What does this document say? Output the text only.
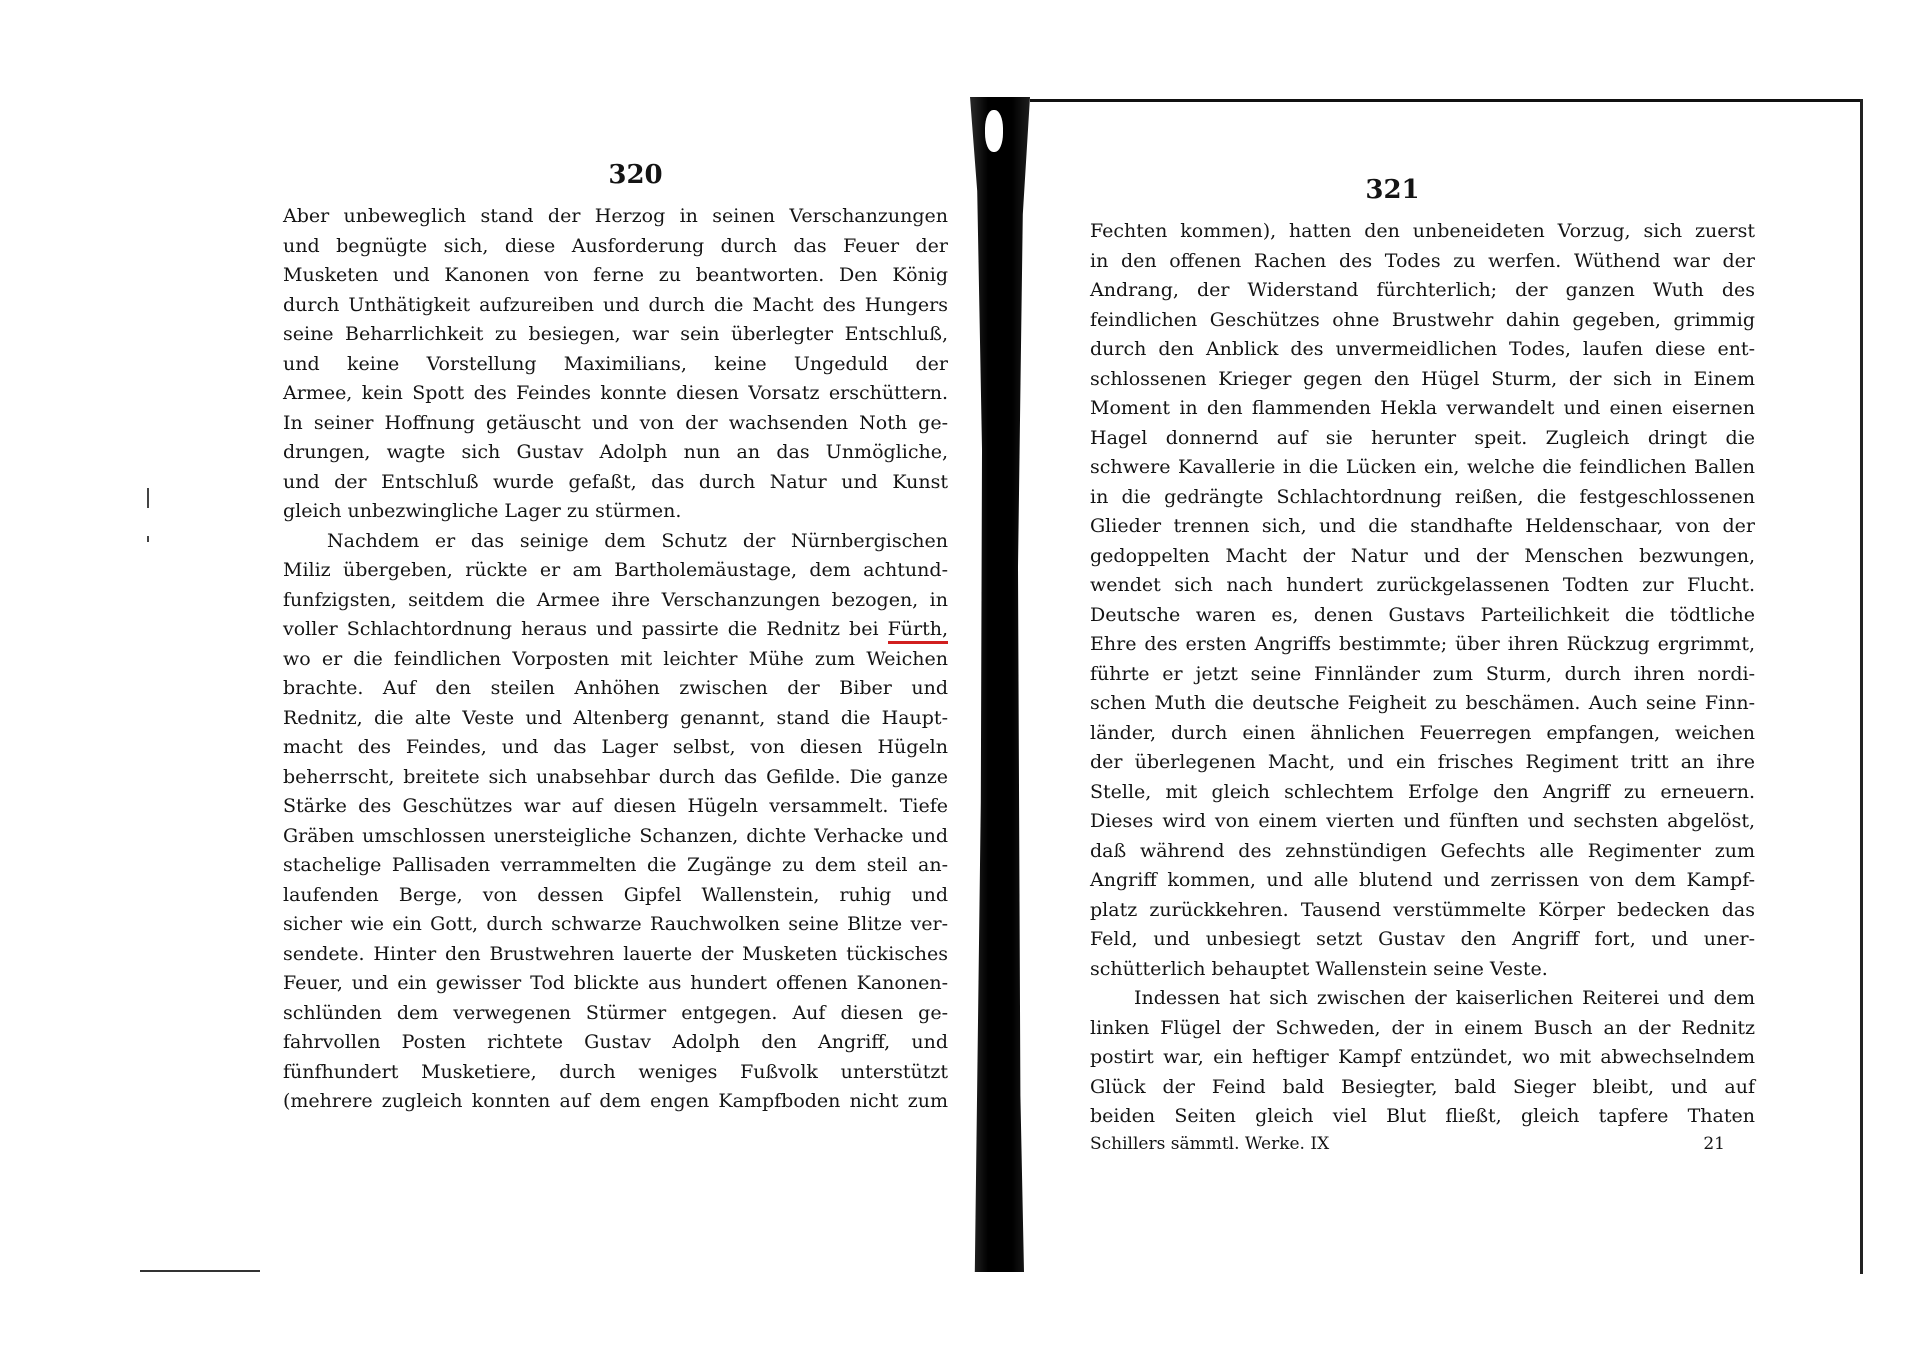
320
Aber unbeweglich stand der Herzog in seinen Verschanzungen
und begnügte sich, diese Ausforderung durch das Feuer der
Musketen und Kanonen von ferne zu beantworten. Den König
durch Unthätigkeit aufzureiben und durch die Macht des Hungers
seine Beharrlichkeit zu besiegen, war sein überlegter Entschluß,
und keine Vorstellung Maximilians, keine Ungeduld der
Armee, kein Spott des Feindes konnte diesen Vorsatz erschüttern.
In seiner Hoffnung getäuscht und von der wachsenden Noth ge-
drungen, wagte sich Gustav Adolph nun an das Unmögliche,
und der Entschluß wurde gefaßt, das durch Natur und Kunst
gleich unbezwingliche Lager zu stürmen.
Nachdem er das seinige dem Schutz der Nürnbergischen
Miliz übergeben, rückte er am Bartholemäustage, dem achtund-
funfzigsten, seitdem die Armee ihre Verschanzungen bezogen, in
voller Schlachtordnung heraus und passirte die Rednitz bei Fürth,
wo er die feindlichen Vorposten mit leichter Mühe zum Weichen
brachte. Auf den steilen Anhöhen zwischen der Biber und
Rednitz, die alte Veste und Altenberg genannt, stand die Haupt-
macht des Feindes, und das Lager selbst, von diesen Hügeln
beherrscht, breitete sich unabsehbar durch das Gefilde. Die ganze
Stärke des Geschützes war auf diesen Hügeln versammelt. Tiefe
Gräben umschlossen unersteigliche Schanzen, dichte Verhacke und
stachelige Pallisaden verrammelten die Zugänge zu dem steil an-
laufenden Berge, von dessen Gipfel Wallenstein, ruhig und
sicher wie ein Gott, durch schwarze Rauchwolken seine Blitze ver-
sendete. Hinter den Brustwehren lauerte der Musketen tückisches
Feuer, und ein gewisser Tod blickte aus hundert offenen Kanonen-
schlünden dem verwegenen Stürmer entgegen. Auf diesen ge-
fahrvollen Posten richtete Gustav Adolph den Angriff, und
fünfhundert Musketiere, durch weniges Fußvolk unterstützt
(mehrere zugleich konnten auf dem engen Kampfboden nicht zum
321
Fechten kommen), hatten den unbeneideten Vorzug, sich zuerst
in den offenen Rachen des Todes zu werfen. Wüthend war der
Andrang, der Widerstand fürchterlich; der ganzen Wuth des
feindlichen Geschützes ohne Brustwehr dahin gegeben, grimmig
durch den Anblick des unvermeidlichen Todes, laufen diese ent-
schlossenen Krieger gegen den Hügel Sturm, der sich in Einem
Moment in den flammenden Hekla verwandelt und einen eisernen
Hagel donnernd auf sie herunter speit. Zugleich dringt die
schwere Kavallerie in die Lücken ein, welche die feindlichen Ballen
in die gedrängte Schlachtordnung reißen, die festgeschlossenen
Glieder trennen sich, und die standhafte Heldenschaar, von der
gedoppelten Macht der Natur und der Menschen bezwungen,
wendet sich nach hundert zurückgelassenen Todten zur Flucht.
Deutsche waren es, denen Gustavs Parteilichkeit die tödtliche
Ehre des ersten Angriffs bestimmte; über ihren Rückzug ergrimmt,
führte er jetzt seine Finnländer zum Sturm, durch ihren nordi-
schen Muth die deutsche Feigheit zu beschämen. Auch seine Finn-
länder, durch einen ähnlichen Feuerregen empfangen, weichen
der überlegenen Macht, und ein frisches Regiment tritt an ihre
Stelle, mit gleich schlechtem Erfolge den Angriff zu erneuern.
Dieses wird von einem vierten und fünften und sechsten abgelöst,
daß während des zehnstündigen Gefechts alle Regimenter zum
Angriff kommen, und alle blutend und zerrissen von dem Kampf-
platz zurückkehren. Tausend verstümmelte Körper bedecken das
Feld, und unbesiegt setzt Gustav den Angriff fort, und uner-
schütterlich behauptet Wallenstein seine Veste.
Indessen hat sich zwischen der kaiserlichen Reiterei und dem
linken Flügel der Schweden, der in einem Busch an der Rednitz
postirt war, ein heftiger Kampf entzündet, wo mit abwechselndem
Glück der Feind bald Besiegter, bald Sieger bleibt, und auf
beiden Seiten gleich viel Blut fließt, gleich tapfere Thaten
Schillers sämmtl. Werke. IX	21
